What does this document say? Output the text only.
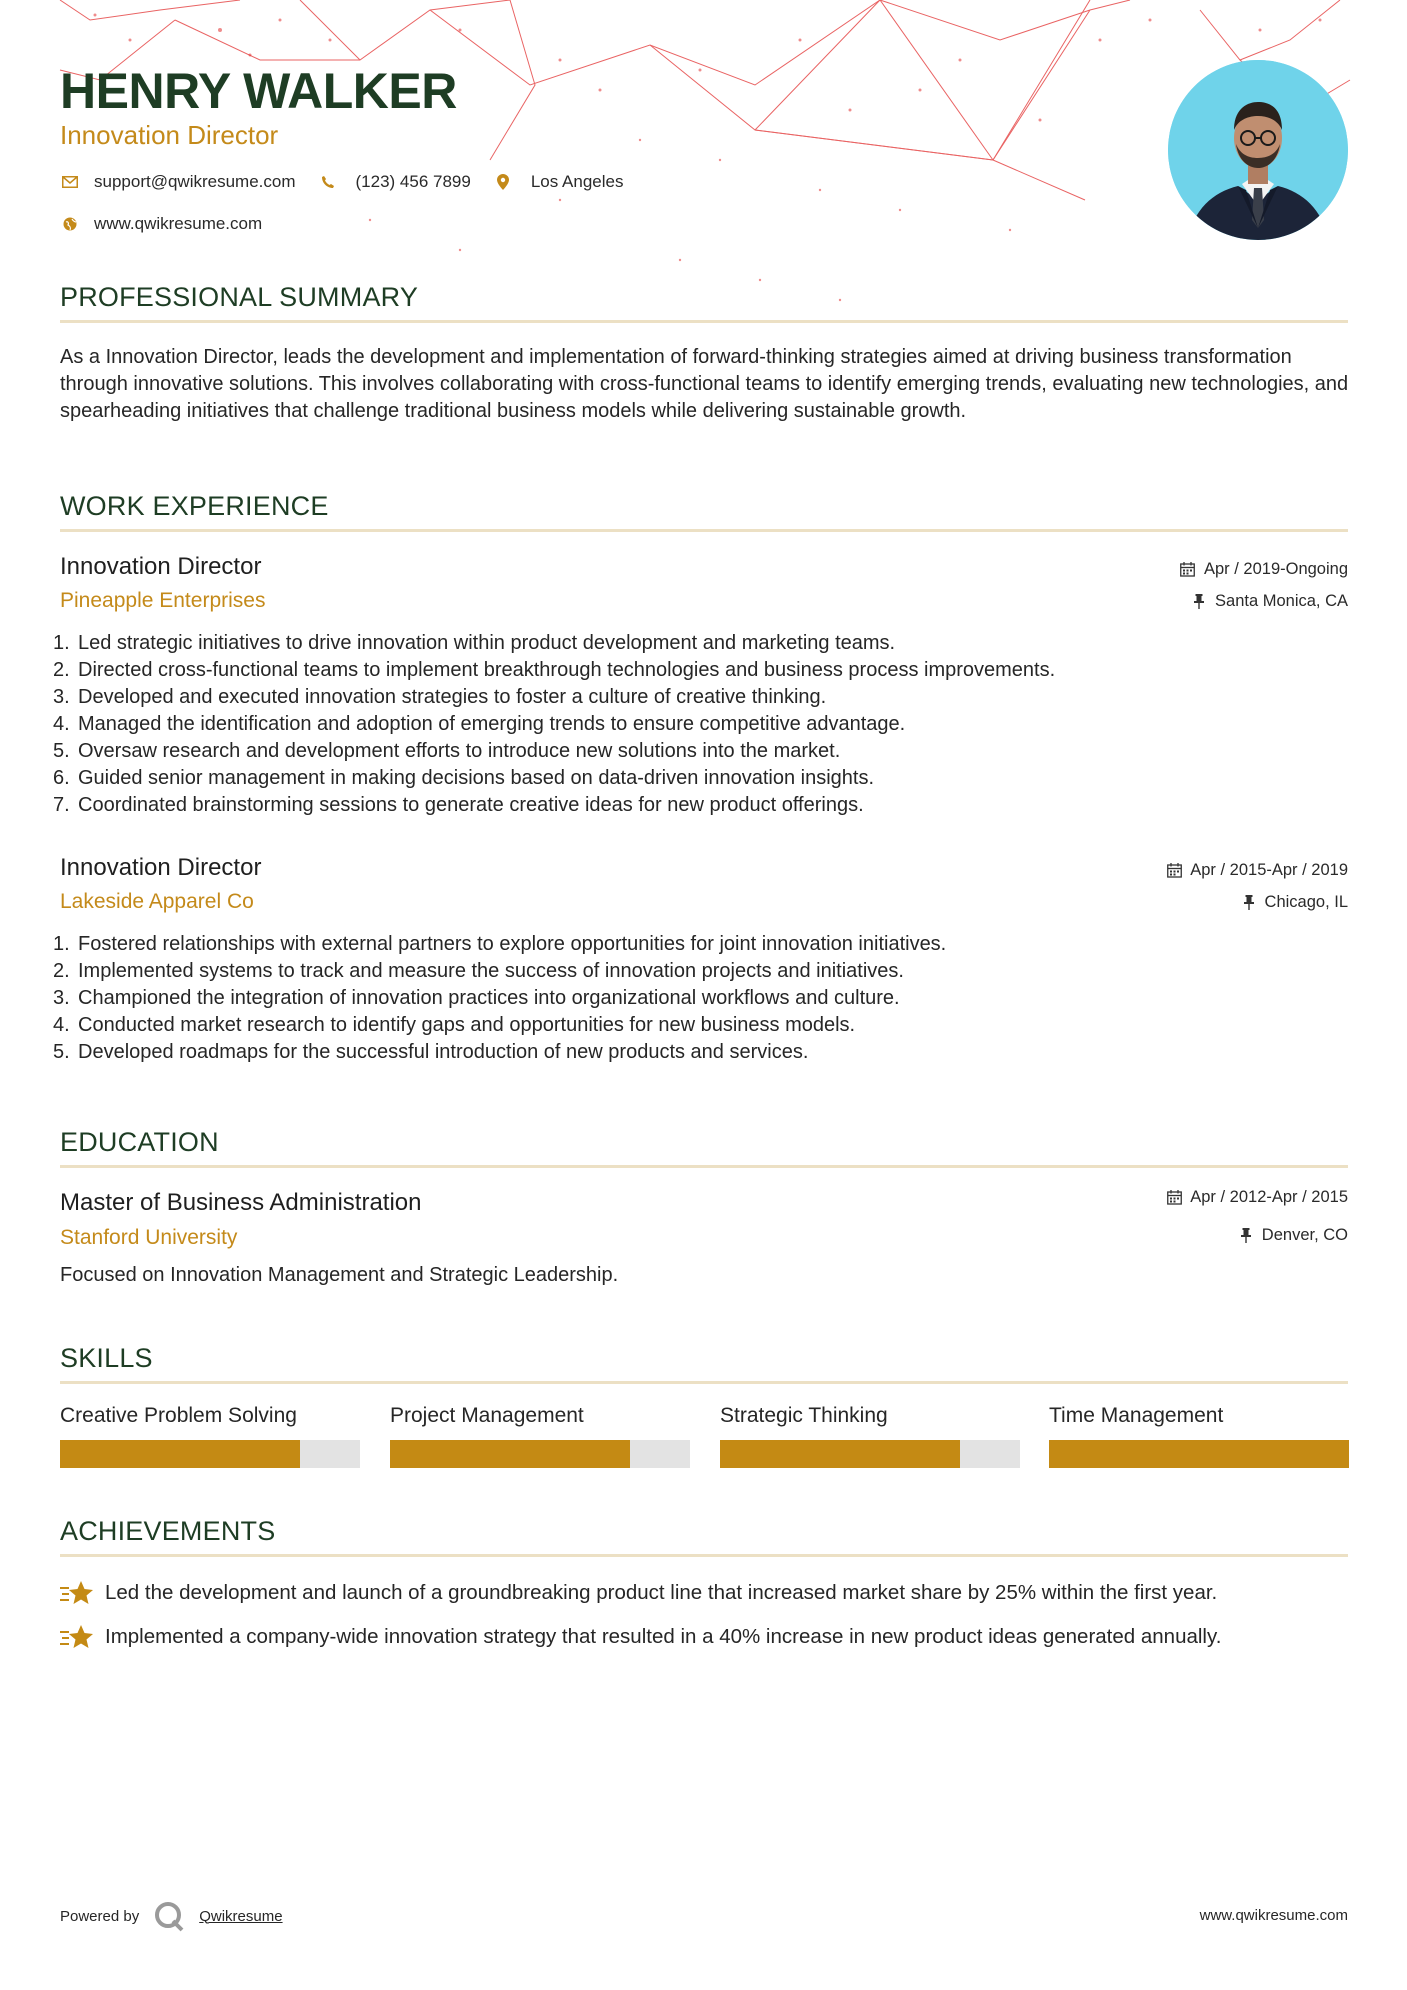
HENRY WALKER
Innovation Director
support@qwikresume.com	(123) 456 7899	Los Angeles
www.qwikresume.com
PROFESSIONAL SUMMARY

As a Innovation Director, leads the development and implementation of forward-thinking strategies aimed at driving business transformation through innovative solutions. This involves collaborating with cross-functional teams to identify emerging trends, evaluating new technologies, and spearheading initiatives that challenge traditional business models while delivering sustainable growth.

WORK EXPERIENCE
Innovation Director
Pineapple Enterprises
Apr / 2019-Ongoing
Santa Monica, CA
1. Led strategic initiatives to drive innovation within product development and marketing teams.
2. Directed cross-functional teams to implement breakthrough technologies and business process improvements.
3. Developed and executed innovation strategies to foster a culture of creative thinking.
4. Managed the identification and adoption of emerging trends to ensure competitive advantage.
5. Oversaw research and development efforts to introduce new solutions into the market.
6. Guided senior management in making decisions based on data-driven innovation insights.
7. Coordinated brainstorming sessions to generate creative ideas for new product offerings.
Innovation Director
Lakeside Apparel Co
Apr / 2015-Apr / 2019
Chicago, IL
1. Fostered relationships with external partners to explore opportunities for joint innovation initiatives.
2. Implemented systems to track and measure the success of innovation projects and initiatives.
3. Championed the integration of innovation practices into organizational workflows and culture.
4. Conducted market research to identify gaps and opportunities for new business models.
5. Developed roadmaps for the successful introduction of new products and services.
EDUCATION
Master of Business Administration
Stanford University
Apr / 2012-Apr / 2015
Denver, CO

Focused on Innovation Management and Strategic Leadership.

SKILLS
Creative Problem Solving	Project Management	Strategic Thinking	Time Management
ACHIEVEMENTS
Led the development and launch of a groundbreaking product line that increased market share by 25% within the first year.
Implemented a company-wide innovation strategy that resulted in a 40% increase in new product ideas generated annually.
Powered by	Qwikresume	www.qwikresume.com
